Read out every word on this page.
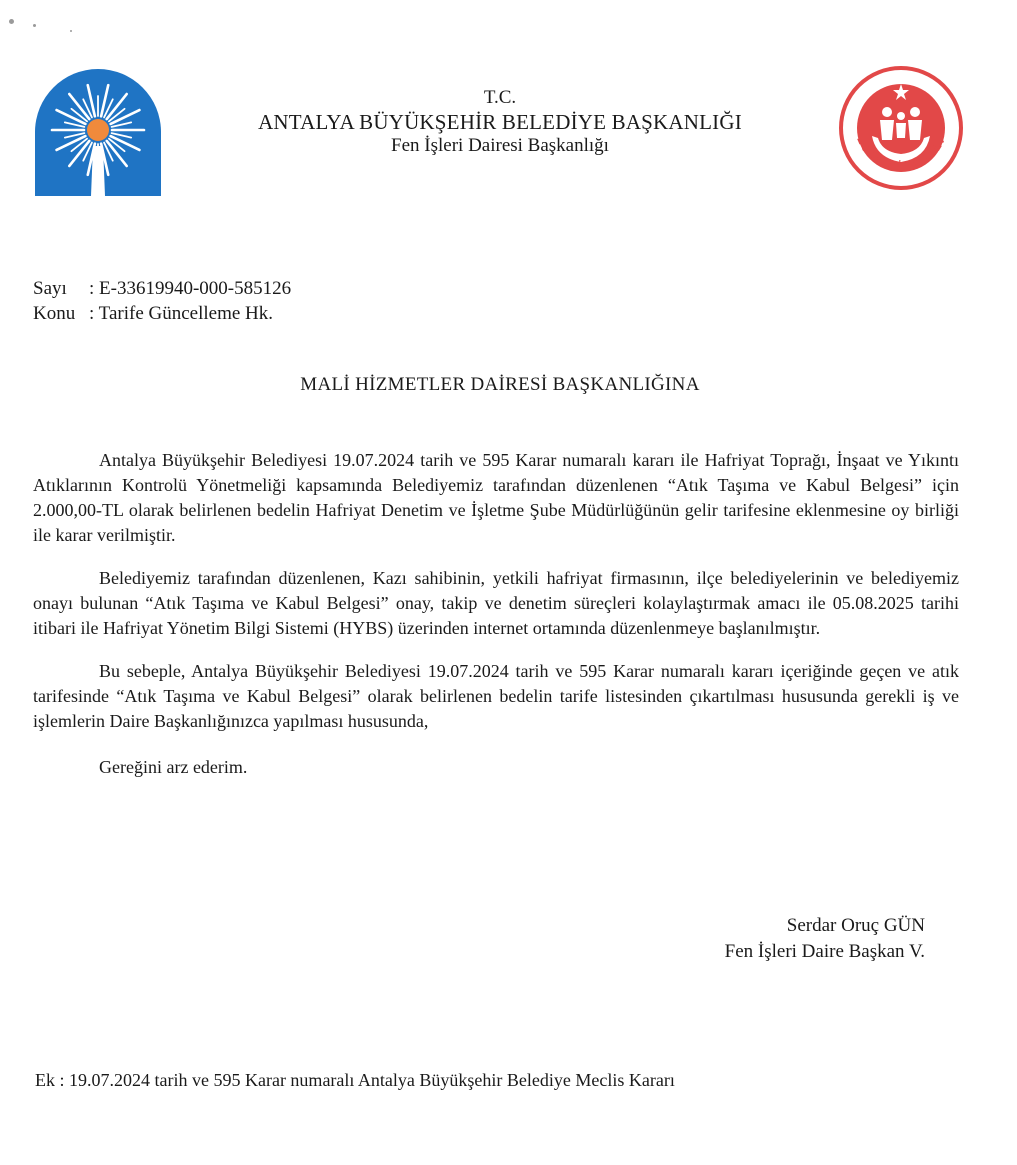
T.C.
ANTALYA BÜYÜKŞEHİR BELEDİYE BAŞKANLIĞI
Fen İşleri Dairesi Başkanlığı	2025 AİLE YILI
Sayı : E-33619940-000-585126
Konu : Tarife Güncelleme Hk.
MALİ HİZMETLER DAİRESİ BAŞKANLIĞINA

Antalya Büyükşehir Belediyesi 19.07.2024 tarih ve 595 Karar numaralı kararı ile Hafriyat Toprağı, İnşaat ve Yıkıntı Atıklarının Kontrolü Yönetmeliği kapsamında Belediyemiz tarafından düzenlenen “Atık Taşıma ve Kabul Belgesi” için 2.000,00-TL olarak belirlenen bedelin Hafriyat Denetim ve İşletme Şube Müdürlüğünün gelir tarifesine eklenmesine oy birliği ile karar verilmiştir.

Belediyemiz tarafından düzenlenen, Kazı sahibinin, yetkili hafriyat firmasının, ilçe belediyelerinin ve belediyemiz onayı bulunan “Atık Taşıma ve Kabul Belgesi” onay, takip ve denetim süreçleri kolaylaştırmak amacı ile 05.08.2025 tarihi itibari ile Hafriyat Yönetim Bilgi Sistemi (HYBS) üzerinden internet ortamında düzenlenmeye başlanılmıştır.

Bu sebeple, Antalya Büyükşehir Belediyesi 19.07.2024 tarih ve 595 Karar numaralı kararı içeriğinde geçen ve atık tarifesinde “Atık Taşıma ve Kabul Belgesi” olarak belirlenen bedelin tarife listesinden çıkartılması hususunda gerekli iş ve işlemlerin Daire Başkanlığınızca yapılması hususunda,

Gereğini arz ederim.
Serdar Oruç GÜN
Fen İşleri Daire Başkan V.
Ek : 19.07.2024 tarih ve 595 Karar numaralı Antalya Büyükşehir Belediye Meclis Kararı
